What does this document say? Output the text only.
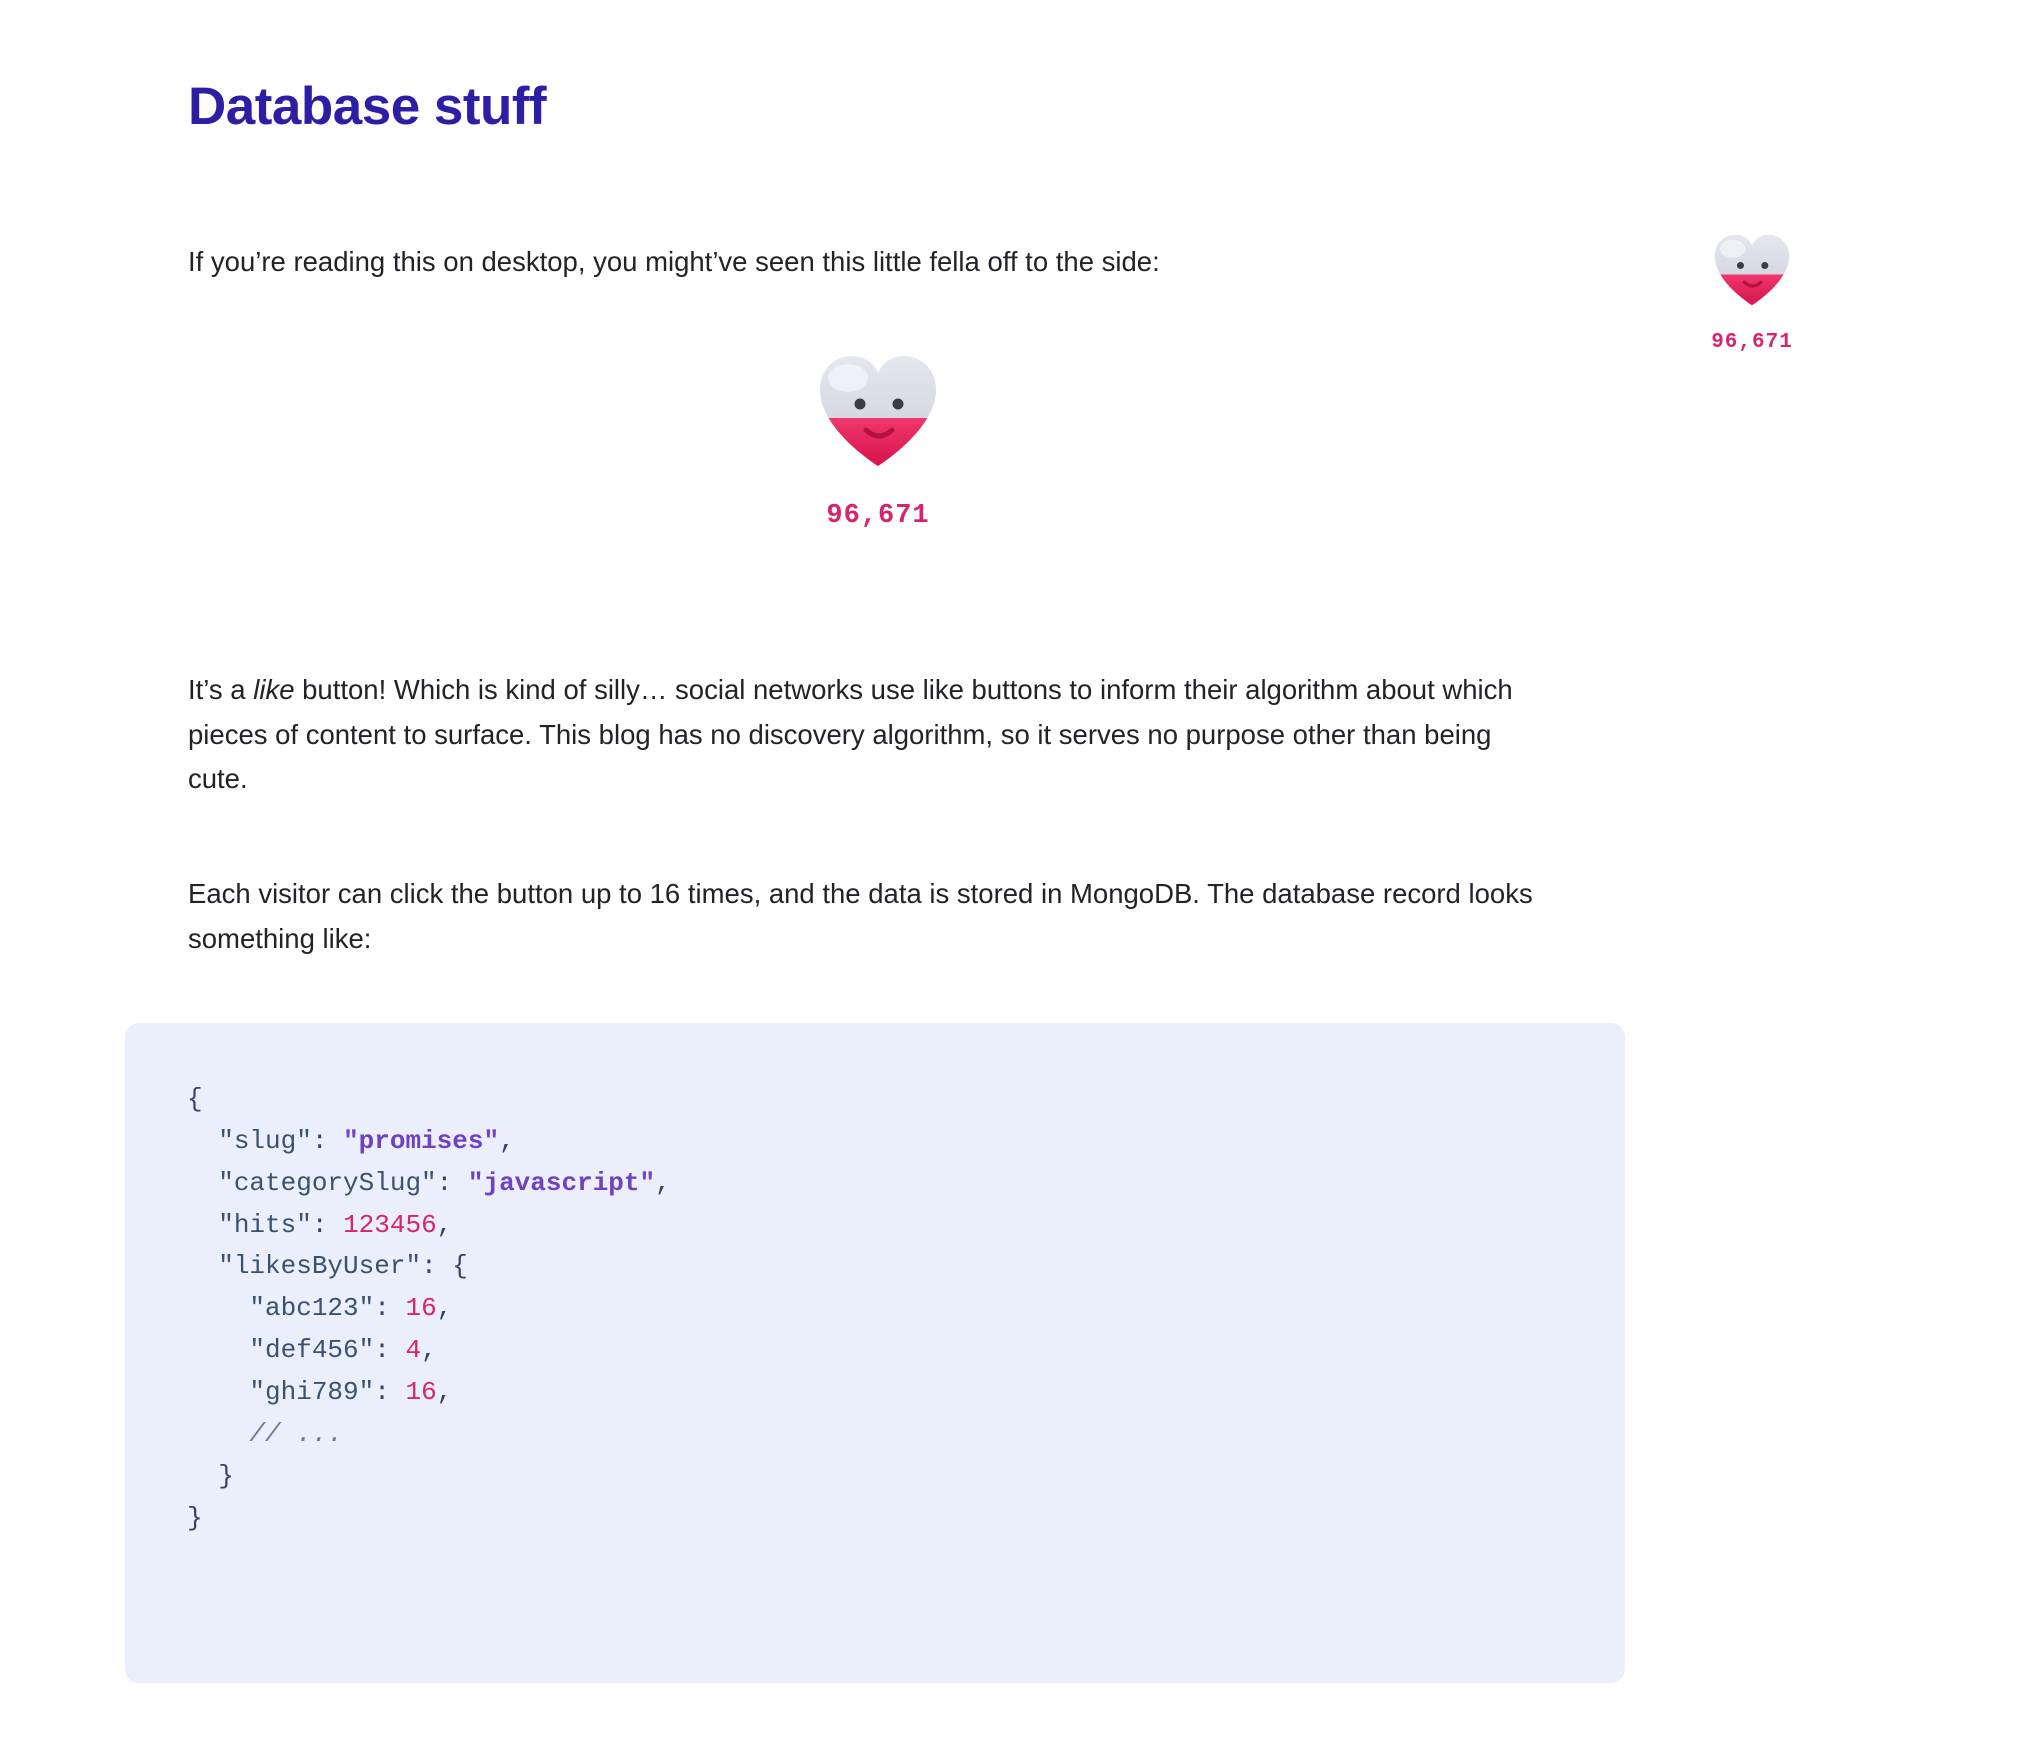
Database stuff

If you’re reading this on desktop, you might’ve seen this little fella off to the side:

96,671
96,671

It’s a like button! Which is kind of silly… social networks use like buttons to inform their algorithm about which pieces of content to surface. This blog has no discovery algorithm, so it serves no purpose other than being cute.

Each visitor can click the button up to 16 times, and the data is stored in MongoDB. The database record looks something like:

{
"slug": "promises",
"categorySlug": "javascript",
"hits": 123456,
"likesByUser": {
"abc123": 16,
"def456": 4,
"ghi789": 16,
// ...
}
}
